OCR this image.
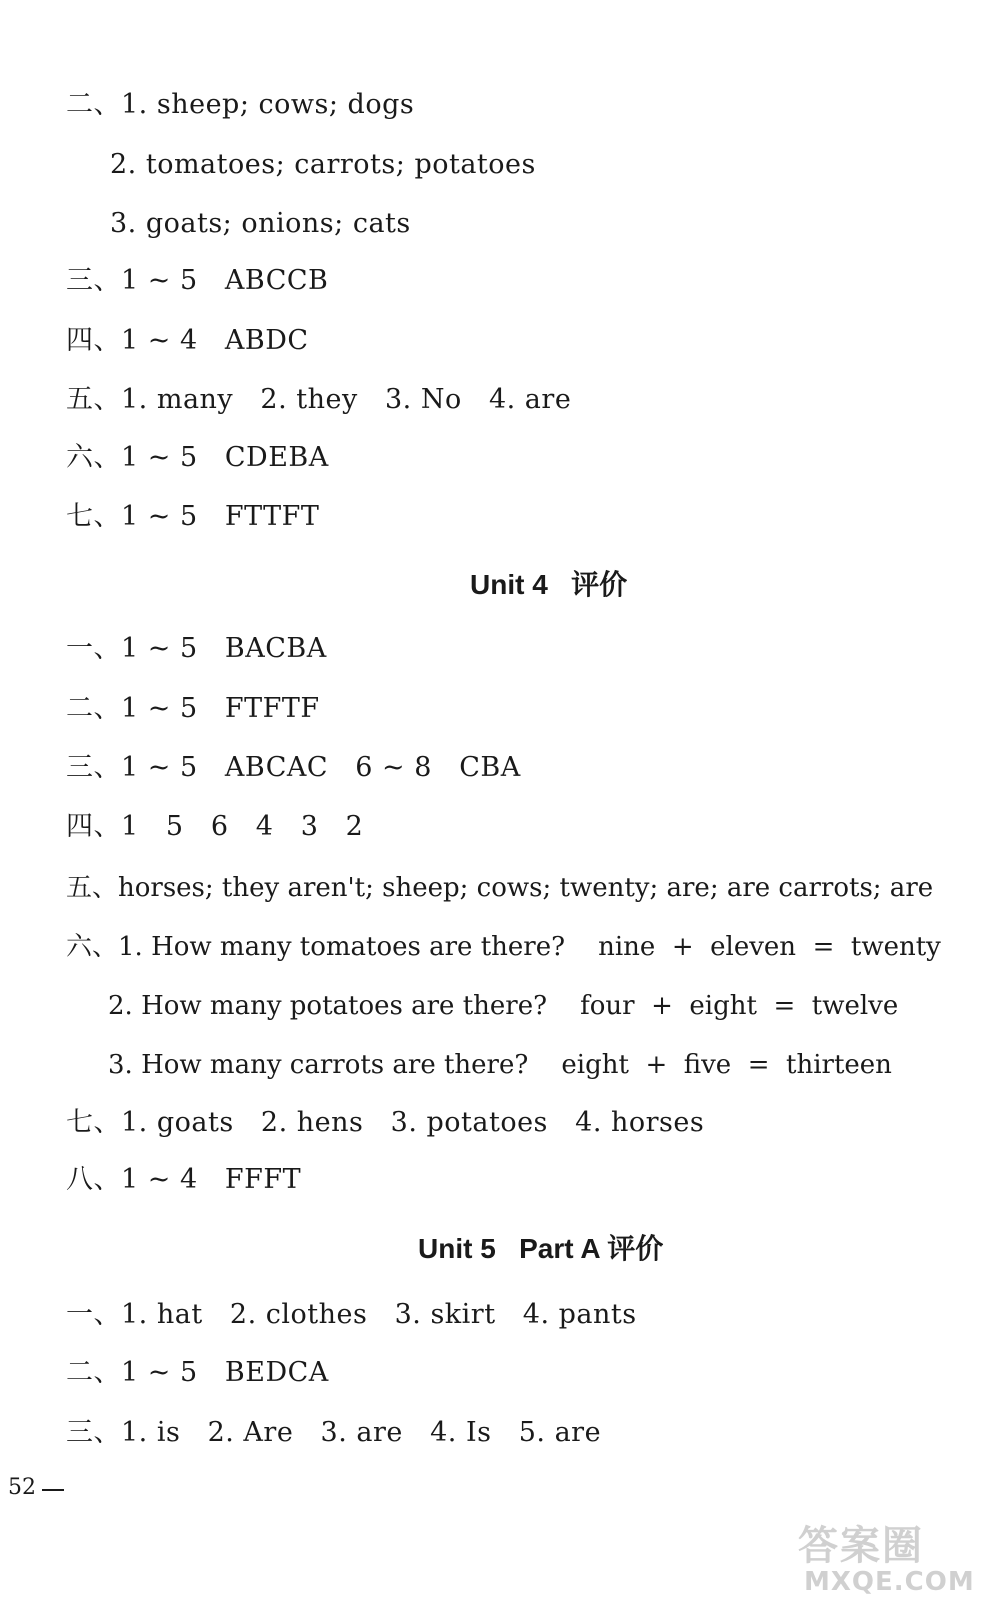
二、1. sheep; cows; dogs
2. tomatoes; carrots; potatoes
3. goats; onions; cats
三、1 ~ 5   ABCCB
四、1 ~ 4   ABDC
五、1. many   2. they   3. No   4. are
六、1 ~ 5   CDEBA
七、1 ~ 5   FTTFT
Unit 4   评价
一、1 ~ 5   BACBA
二、1 ~ 5   FTFTF
三、1 ~ 5   ABCAC   6 ~ 8   CBA
四、1   5   6   4   3   2
五、horses; they aren't; sheep; cows; twenty; are; are carrots; are
六、1. How many tomatoes are there?    nine  +  eleven  =  twenty
2. How many potatoes are there?    four  +  eight  =  twelve
3. How many carrots are there?    eight  +  five  =  thirteen
七、1. goats   2. hens   3. potatoes   4. horses
八、1 ~ 4   FFFT
Unit 5   Part A 评价
一、1. hat   2. clothes   3. skirt   4. pants
二、1 ~ 5   BEDCA
三、1. is   2. Are   3. are   4. Is   5. are
52
答案圈
MXQE.COM
